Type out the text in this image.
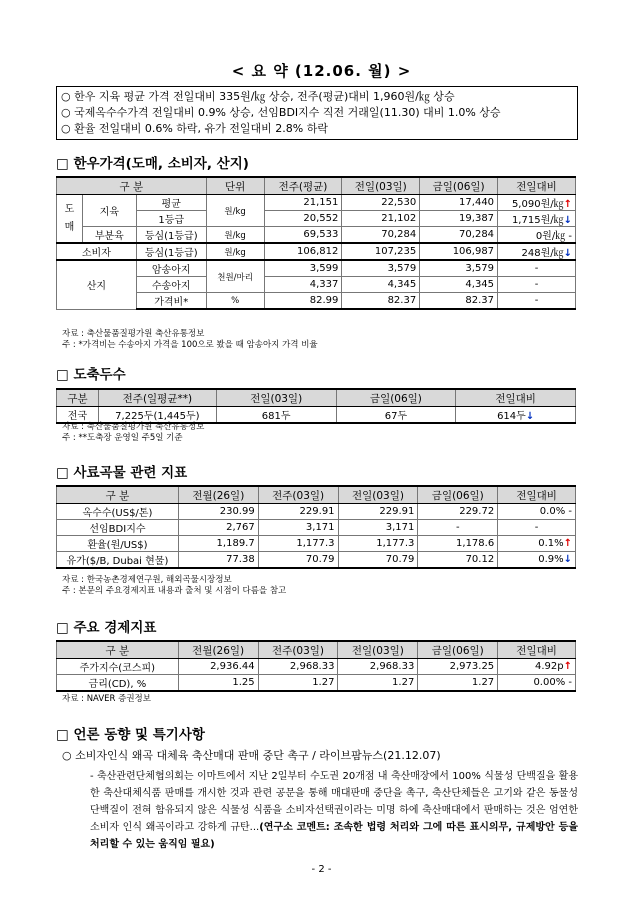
< 요 약 (12.06. 월) >
○ 한우 지육 평균 가격 전일대비 335원/㎏ 상승, 전주(평균)대비 1,960원/㎏ 상승
○ 국제옥수수가격 전일대비 0.9% 상승, 선임BDI지수 직전 거래일(11.30) 대비 1.0% 상승
○ 환율 전일대비 0.6% 하락, 유가 전일대비 2.8% 하락
□ 한우가격(도매, 소비자, 산지)
구 분			단위	전주(평균)	전일(03일)	금일(06일)	전일대비
도매	지육	평균	원/kg	21,151	22,530	17,440	5,090원/㎏↑
		1등급		20,552	21,102	19,387	1,715원/㎏↓
	부분육	등심(1등급)	원/kg	69,533	70,284	70,284	0원/㎏ -
소비자		등심(1등급)	원/kg	106,812	107,235	106,987	248원/㎏↓
산지		암송아지	천원/마리	3,599	3,579	3,579	-
		수송아지		4,337	4,345	4,345	-
		가격비*	%	82.99	82.37	82.37	-
자료 : 축산물품질평가원 축산유통정보
주 : *가격비는 수송아지 가격을 100으로 봤을 때 암송아지 가격 비율
□ 도축두수
구분	전주(일평균**)	전일(03일)	금일(06일)	전일대비
전국	7,225두(1,445두)	681두	67두	614두↓
자료 : 축산물품질평가원 축산유통정보
주 : **도축장 운영일 주5일 기준
□ 사료곡물 관련 지표
구 분	전월(26일)	전주(03일)	전일(03일)	금일(06일)	전일대비
옥수수(US$/톤)	230.99	229.91	229.91	229.72	0.0% -
선임BDI지수	2,767	3,171	3,171	-	-
환율(원/US$)	1,189.7	1,177.3	1,177.3	1,178.6	0.1%↑
유가($/B, Dubai 현물)	77.38	70.79	70.79	70.12	0.9%↓
자료 : 한국농촌경제연구원, 해외곡물시장정보
주 : 본문의 주요경제지표 내용과 출처 및 시점이 다름을 참고
□ 주요 경제지표
구 분	전월(26일)	전주(03일)	전일(03일)	금일(06일)	전일대비
주가지수(코스피)	2,936.44	2,968.33	2,968.33	2,973.25	4.92p↑
금리(CD), %	1.25	1.27	1.27	1.27	0.00% -
자료 : NAVER 증권정보
□ 언론 동향 및 특기사항
○ 소비자인식 왜곡 대체육 축산매대 판매 중단 촉구 / 라이브팜뉴스(21.12.07)
- 축산관련단체협의회는 이마트에서 지난 2일부터 수도권 20개점 내 축산매장에서 100% 식물성 단백질을 활용한 축산대체식품 판매를 개시한 것과 관련 공문을 통해 매대판매 중단을 촉구, 축산단체들은 고기와 같은 동물성 단백질이 전혀 함유되지 않은 식물성 식품을 소비자선택권이라는 미명 하에 축산매대에서 판매하는 것은 엄연한 소비자 인식 왜곡이라고 강하게 규탄...(연구소 코멘트: 조속한 법령 처리와 그에 따른 표시의무, 규제방안 등을 처리할 수 있는 움직임 필요)
- 2 -
